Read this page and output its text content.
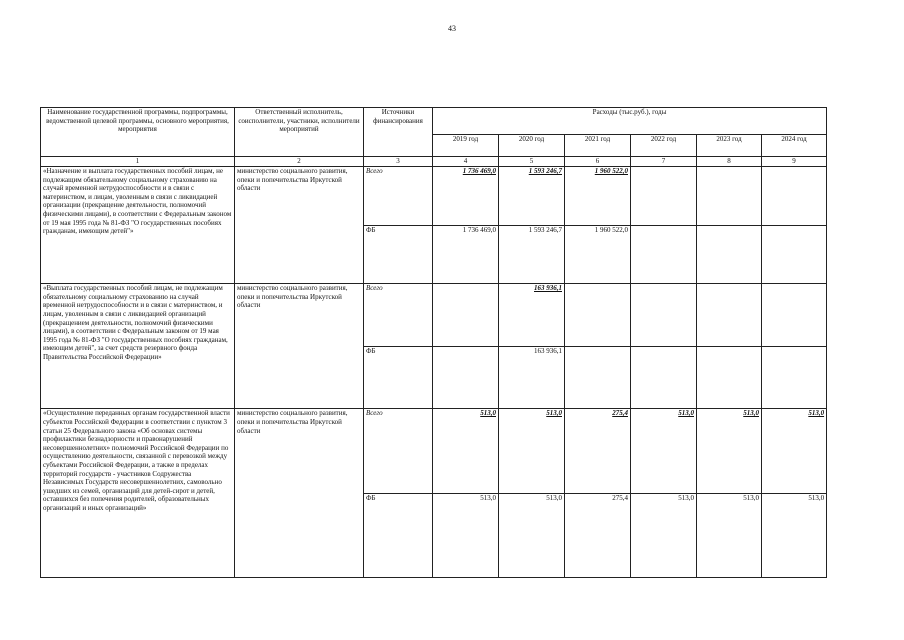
43
Наименование государственной программы, подпрограммы, ведомственной целевой программы, основного мероприятия, мероприятия	Ответственный исполнитель, соисполнители, участники, исполнители мероприятий	Источники финансирования	Расходы (тыс.руб.), годы					
			2019 год	2020 год	2021 год	2022 год	2023 год	2024 год
1	2	3	4	5	6	7	8	9
«Назначение и выплата государственных пособий лицам, не подлежащим обязательному социальному страхованию на случай временной нетрудоспособности и в связи с материнством, и лицам, уволенным в связи с ликвидацией организации (прекращение деятельности, полномочий физическими лицами), в соответствии с Федеральным законом от 19 мая 1995 года № 81-ФЗ "О государственных пособиях гражданам, имеющим детей"»	министерство социального развития, опеки и попечительства Иркутской области	Всего	1 736 469,0	1 593 246,7	1 960 522,0			
		ФБ	1 736 469,0	1 593 246,7	1 960 522,0			
«Выплата государственных пособий лицам, не подлежащим обязательному социальному страхованию на случай временной нетрудоспособности и в связи с материнством, и лицам, уволенным в связи с ликвидацией организаций (прекращением деятельности, полномочий физическими лицами), в соответствии с Федеральным законом от 19 мая 1995 года № 81-ФЗ "О государственных пособиях гражданам, имеющим детей", за счет средств резервного фонда Правительства Российской Федерации»	министерство социального развития, опеки и попечительства Иркутской области	Всего		163 936,1				
		ФБ		163 936,1				
«Осуществление переданных органам государственной власти субъектов Российской Федерации в соответствии с пунктом 3 статьи 25 Федерального закона «Об основах системы профилактики безнадзорности и правонарушений несовершеннолетних» полномочий Российской Федерации по осуществлению деятельности, связанной с перевозкой между субъектами Российской Федерации, а также в пределах территорий государств - участников Содружества Независимых Государств несовершеннолетних, самовольно ушедших из семей, организаций для детей-сирот и детей, оставшихся без попечения родителей, образовательных организаций и иных организаций»	министерство социального развития, опеки и попечительства Иркутской области	Всего	513,0	513,0	275,4	513,0	513,0	513,0
		ФБ	513,0	513,0	275,4	513,0	513,0	513,0
